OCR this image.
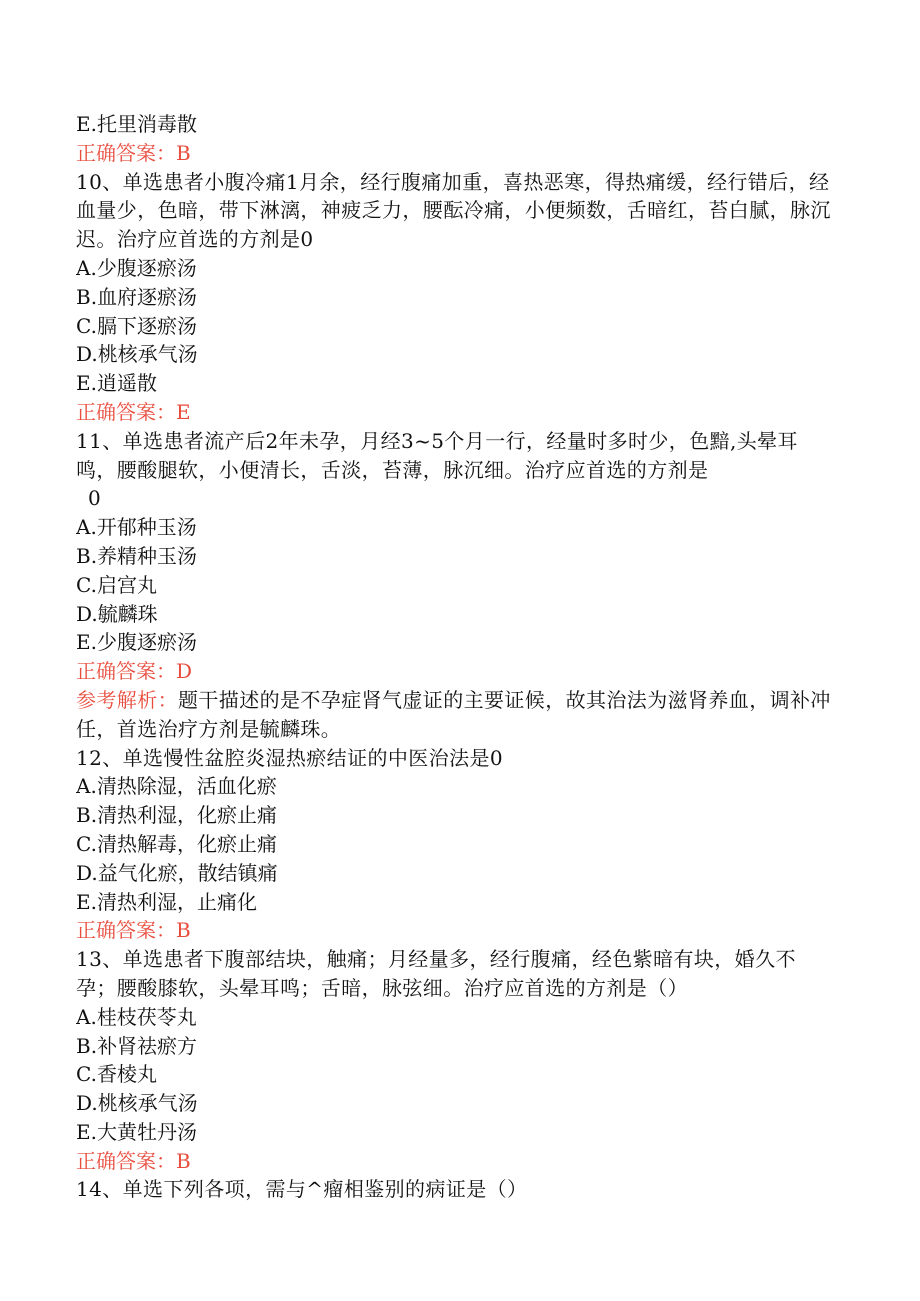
E.托里消毒散
正确答案：B
10、单选患者小腹冷痛1月余，经行腹痛加重，喜热恶寒，得热痛缓，经行错后，经血量少，色暗，带下淋漓，神疲乏力，腰酝冷痛，小便频数，舌暗红，苔白腻，脉沉迟。治疗应首选的方剂是0
A.少腹逐瘀汤
B.血府逐瘀汤
C.膈下逐瘀汤
D.桃核承气汤
E.逍遥散
正确答案：E
11、单选患者流产后2年未孕，月经3~5个月一行，经量时多时少，色黯,头晕耳鸣，腰酸腿软，小便清长，舌淡，苔薄，脉沉细。治疗应首选的方剂是
0
A.开郁种玉汤
B.养精种玉汤
C.启宫丸
D.毓麟珠
E.少腹逐瘀汤
正确答案：D
参考解析：题干描述的是不孕症肾气虚证的主要证候，故其治法为滋肾养血，调补冲任，首选治疗方剂是毓麟珠。
12、单选慢性盆腔炎湿热瘀结证的中医治法是0
A.清热除湿，活血化瘀
B.清热利湿，化瘀止痛
C.清热解毒，化瘀止痛
D.益气化瘀，散结镇痛
E.清热利湿，止痛化
正确答案：B
13、单选患者下腹部结块，触痛；月经量多，经行腹痛，经色紫暗有块，婚久不孕；腰酸膝软，头晕耳鸣；舌暗，脉弦细。治疗应首选的方剂是（）
A.桂枝茯苓丸
B.补肾祛瘀方
C.香棱丸
D.桃核承气汤
E.大黄牡丹汤
正确答案：B
14、单选下列各项，需与^瘤相鉴别的病证是（）
